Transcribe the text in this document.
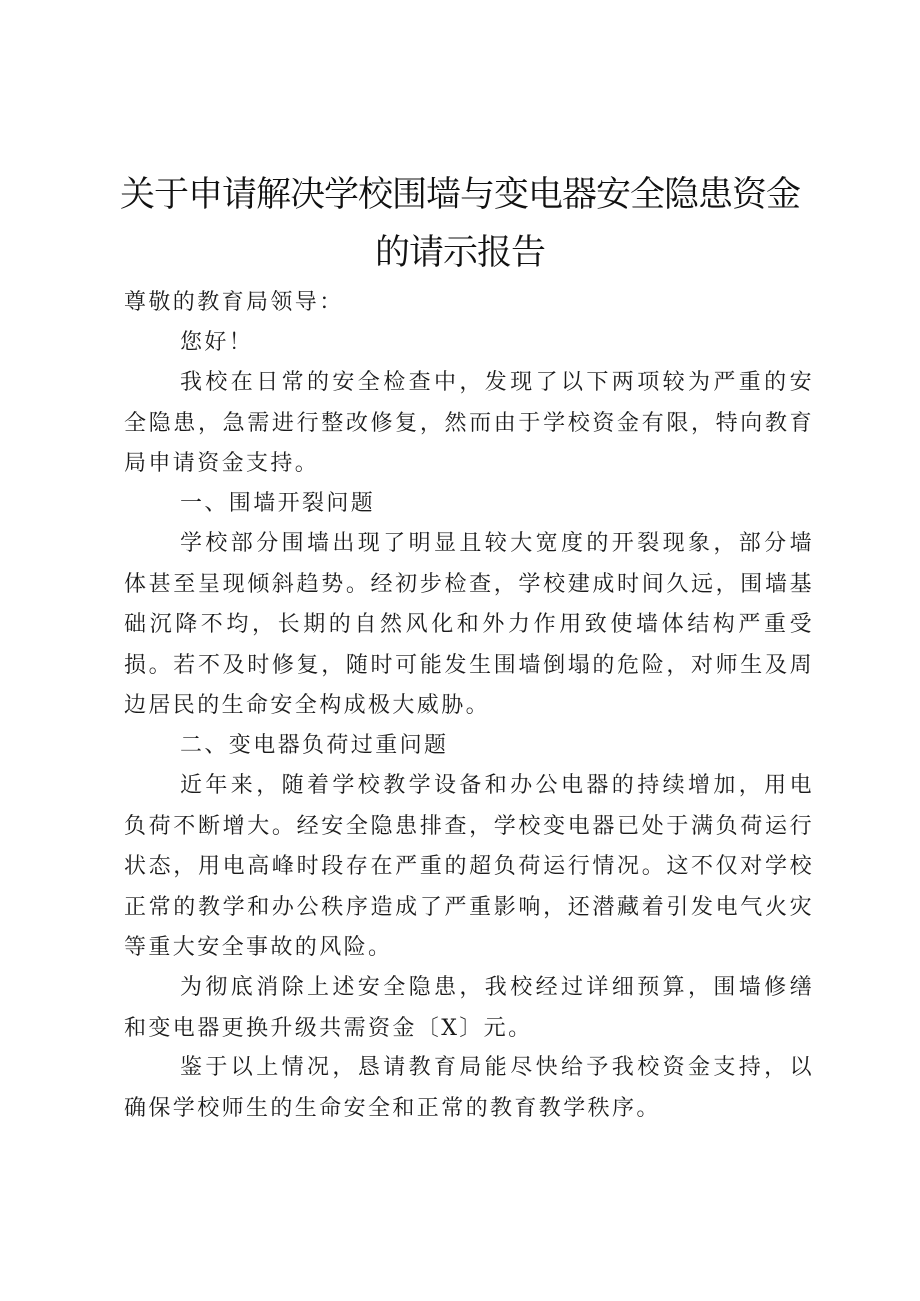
关于申请解决学校围墙与变电器安全隐患资金
的请示报告

尊敬的教育局领导：

您好！

我校在日常的安全检查中，发现了以下两项较为严重的安全隐患，急需进行整改修复，然而由于学校资金有限，特向教育局申请资金支持。

一、围墙开裂问题

学校部分围墙出现了明显且较大宽度的开裂现象，部分墙体甚至呈现倾斜趋势。经初步检查，学校建成时间久远，围墙基础沉降不均，长期的自然风化和外力作用致使墙体结构严重受损。若不及时修复，随时可能发生围墙倒塌的危险，对师生及周边居民的生命安全构成极大威胁。

二、变电器负荷过重问题

近年来，随着学校教学设备和办公电器的持续增加，用电负荷不断增大。经安全隐患排查，学校变电器已处于满负荷运行状态，用电高峰时段存在严重的超负荷运行情况。这不仅对学校正常的教学和办公秩序造成了严重影响，还潜藏着引发电气火灾等重大安全事故的风险。

为彻底消除上述安全隐患，我校经过详细预算，围墙修缮和变电器更换升级共需资金〔X〕元。

鉴于以上情况，恳请教育局能尽快给予我校资金支持，以确保学校师生的生命安全和正常的教育教学秩序。
